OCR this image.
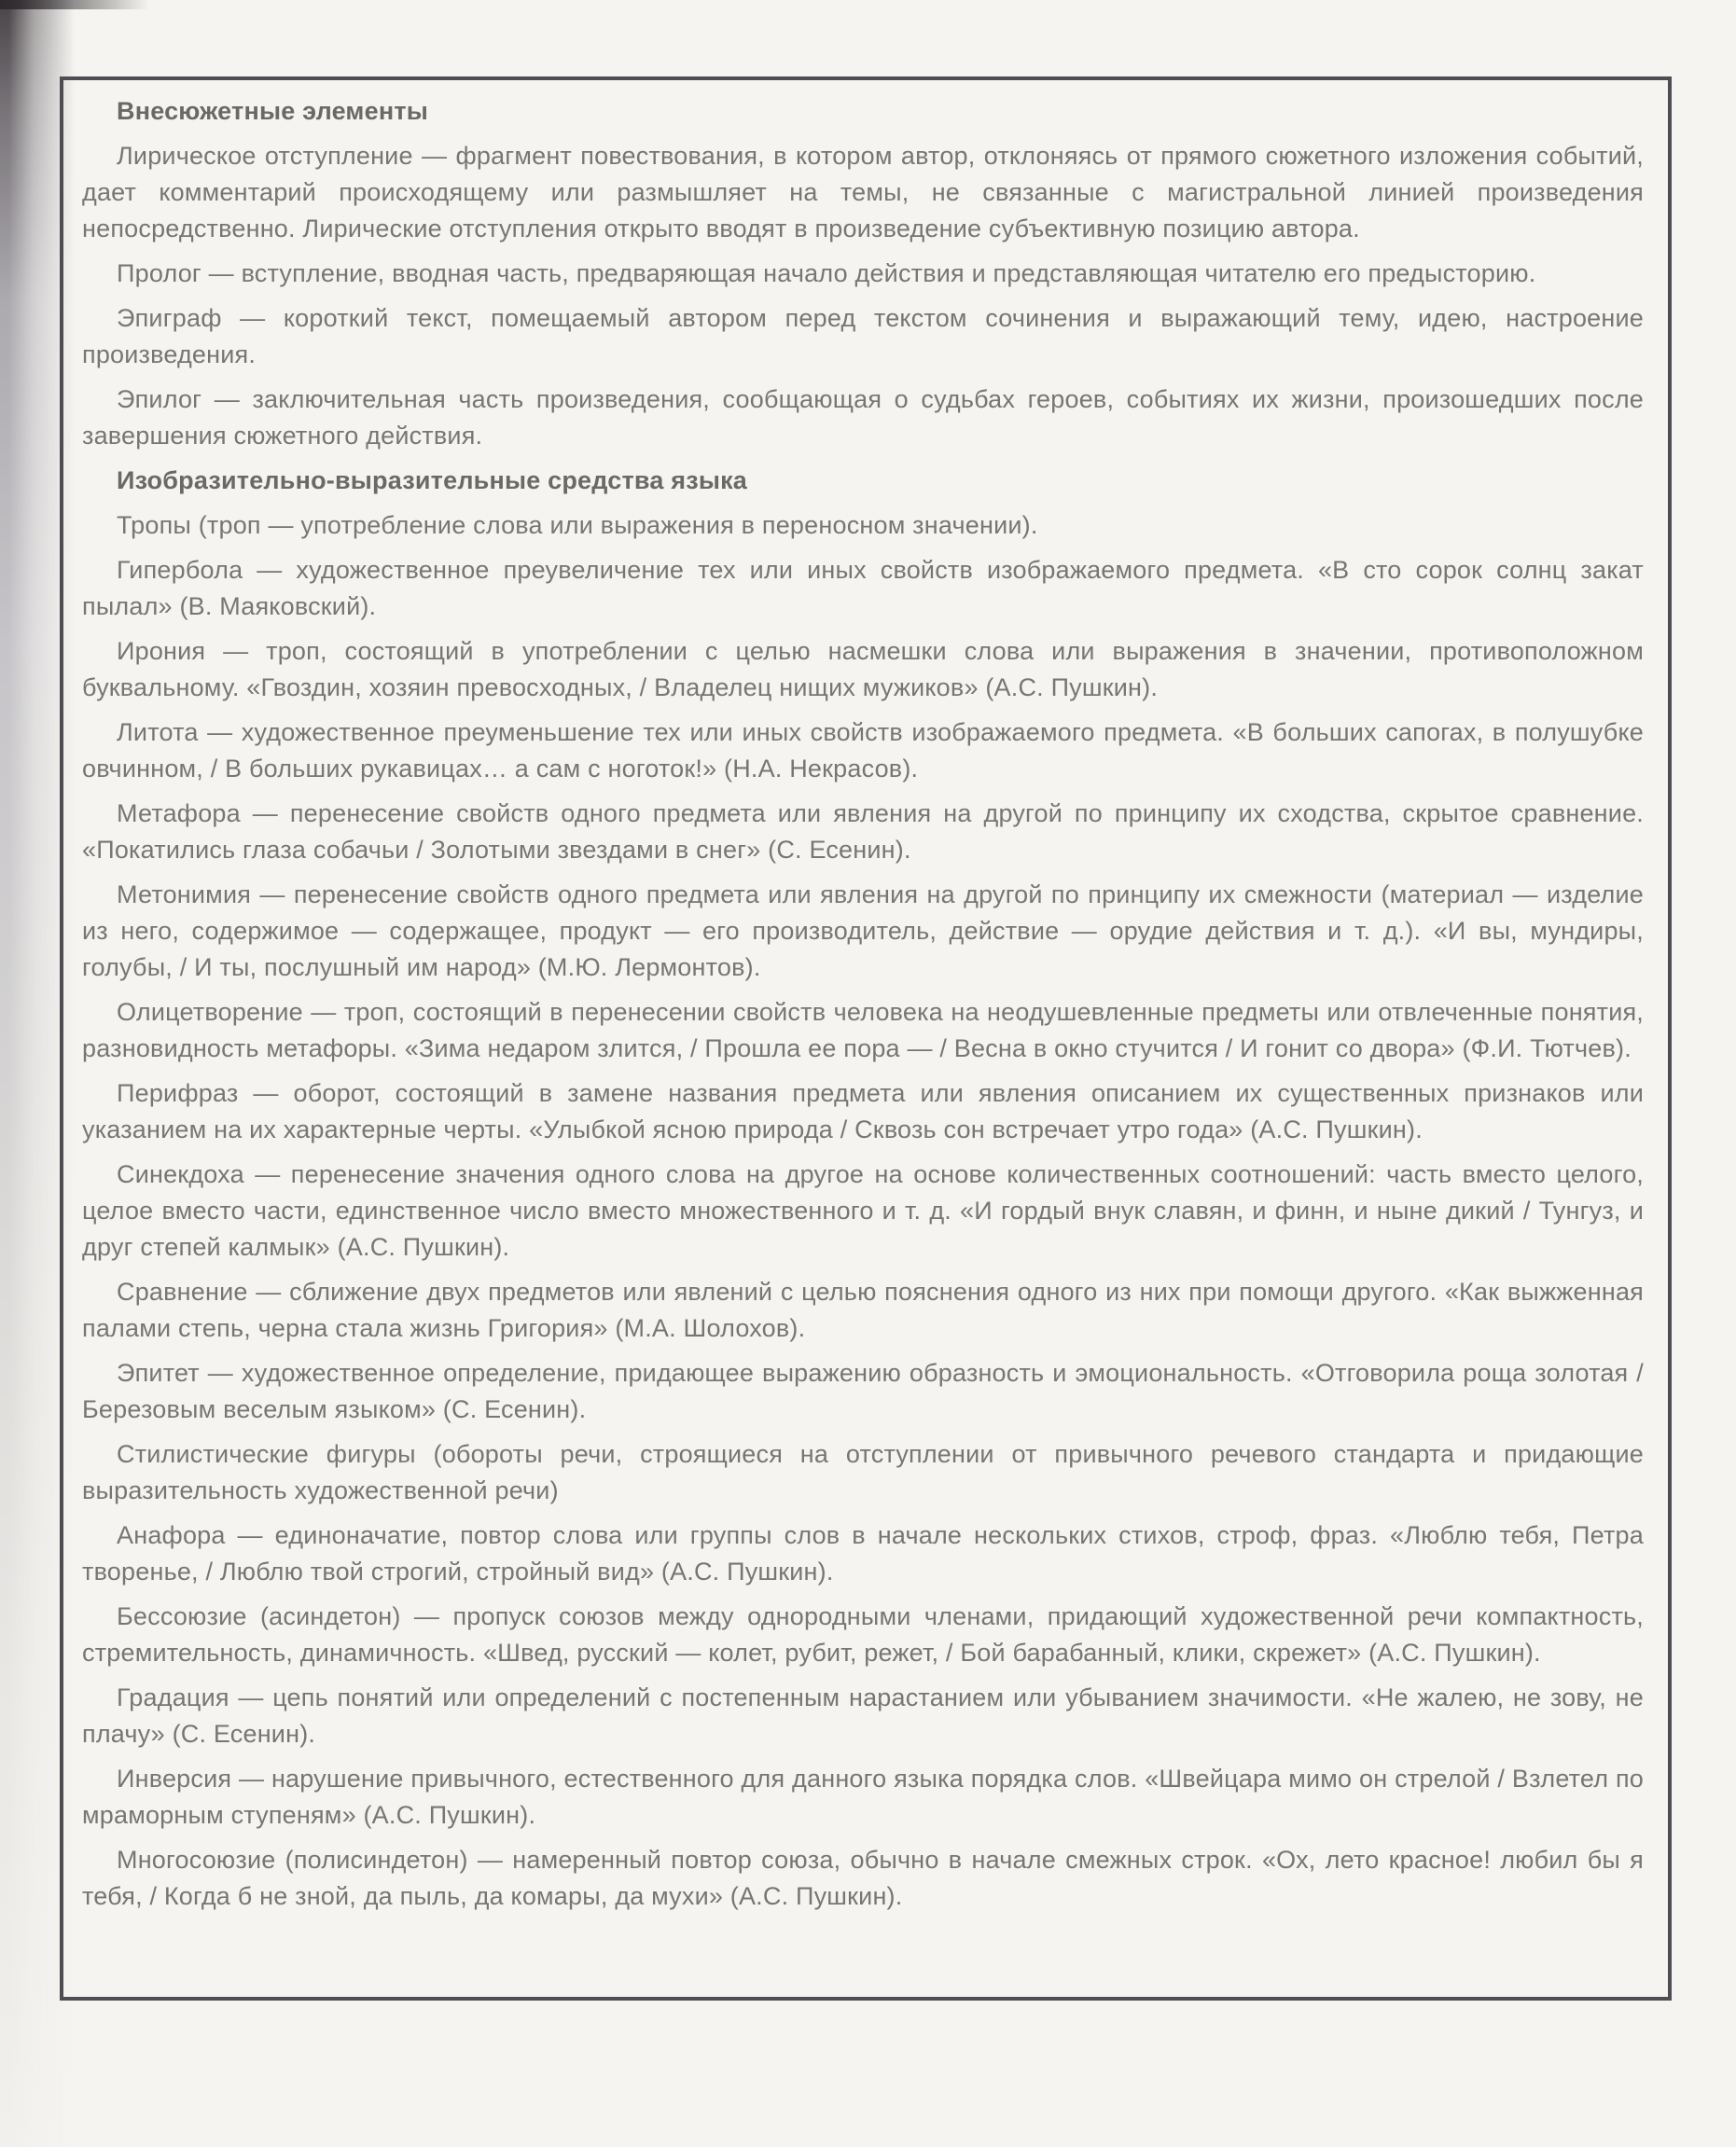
Внесюжетные элементы

Лирическое отступление — фрагмент повествования, в котором автор, отклоняясь от прямого сюжетного изложения событий, дает комментарий происходящему или размышляет на темы, не связанные с магистральной линией произведения непосредственно. Лирические отступления открыто вводят в произведение субъективную позицию автора.

Пролог — вступление, вводная часть, предваряющая начало действия и представляющая читателю его предысторию.

Эпиграф — короткий текст, помещаемый автором перед текстом сочинения и выражающий тему, идею, настроение произведения.

Эпилог — заключительная часть произведения, сообщающая о судьбах героев, событиях их жизни, произошедших после завершения сюжетного действия.

Изобразительно-выразительные средства языка

Тропы (троп — употребление слова или выражения в переносном значении).

Гипербола — художественное преувеличение тех или иных свойств изображаемого предмета. «В сто сорок солнц закат пылал» (В. Маяковский).

Ирония — троп, состоящий в употреблении с целью насмешки слова или выражения в значении, противоположном буквальному. «Гвоздин, хозяин превосходных, / Владелец нищих мужиков» (А.С. Пушкин).

Литота — художественное преуменьшение тех или иных свойств изображаемого предмета. «В больших сапогах, в полушубке овчинном, / В больших рукавицах… а сам с ноготок!» (Н.А. Некрасов).

Метафора — перенесение свойств одного предмета или явления на другой по принципу их сходства, скрытое сравнение. «Покатились глаза собачьи / Золотыми звездами в снег» (С. Есенин).

Метонимия — перенесение свойств одного предмета или явления на другой по принципу их смежности (материал — изделие из него, содержимое — содержащее, продукт — его производитель, действие — орудие действия и т. д.). «И вы, мундиры, голубы, / И ты, послушный им народ» (М.Ю. Лермонтов).

Олицетворение — троп, состоящий в перенесении свойств человека на неодушевленные предметы или отвлеченные понятия, разновидность метафоры. «Зима недаром злится, / Прошла ее пора — / Весна в окно стучится / И гонит со двора» (Ф.И. Тютчев).

Перифраз — оборот, состоящий в замене названия предмета или явления описанием их существенных признаков или указанием на их характерные черты. «Улыбкой ясною природа / Сквозь сон встречает утро года» (А.С. Пушкин).

Синекдоха — перенесение значения одного слова на другое на основе количественных соотношений: часть вместо целого, целое вместо части, единственное число вместо множественного и т. д. «И гордый внук славян, и финн, и ныне дикий / Тунгуз, и друг степей калмык» (А.С. Пушкин).

Сравнение — сближение двух предметов или явлений с целью пояснения одного из них при помощи другого. «Как выжженная палами степь, черна стала жизнь Григория» (М.А. Шолохов).

Эпитет — художественное определение, придающее выражению образность и эмоциональность. «Отговорила роща золотая / Березовым веселым языком» (С. Есенин).

Стилистические фигуры (обороты речи, строящиеся на отступлении от привычного речевого стандарта и придающие выразительность художественной речи)

Анафора — единоначатие, повтор слова или группы слов в начале нескольких стихов, строф, фраз. «Люблю тебя, Петра творенье, / Люблю твой строгий, стройный вид» (А.С. Пушкин).

Бессоюзие (асиндетон) — пропуск союзов между однородными членами, придающий художественной речи компактность, стремительность, динамичность. «Швед, русский — колет, рубит, режет, / Бой барабанный, клики, скрежет» (А.С. Пушкин).

Градация — цепь понятий или определений с постепенным нарастанием или убыванием значимости. «Не жалею, не зову, не плачу» (С. Есенин).

Инверсия — нарушение привычного, естественного для данного языка порядка слов. «Швейцара мимо он стрелой / Взлетел по мраморным ступеням» (А.С. Пушкин).

Многосоюзие (полисиндетон) — намеренный повтор союза, обычно в начале смежных строк. «Ох, лето красное! любил бы я тебя, / Когда б не зной, да пыль, да комары, да мухи» (А.С. Пушкин).
